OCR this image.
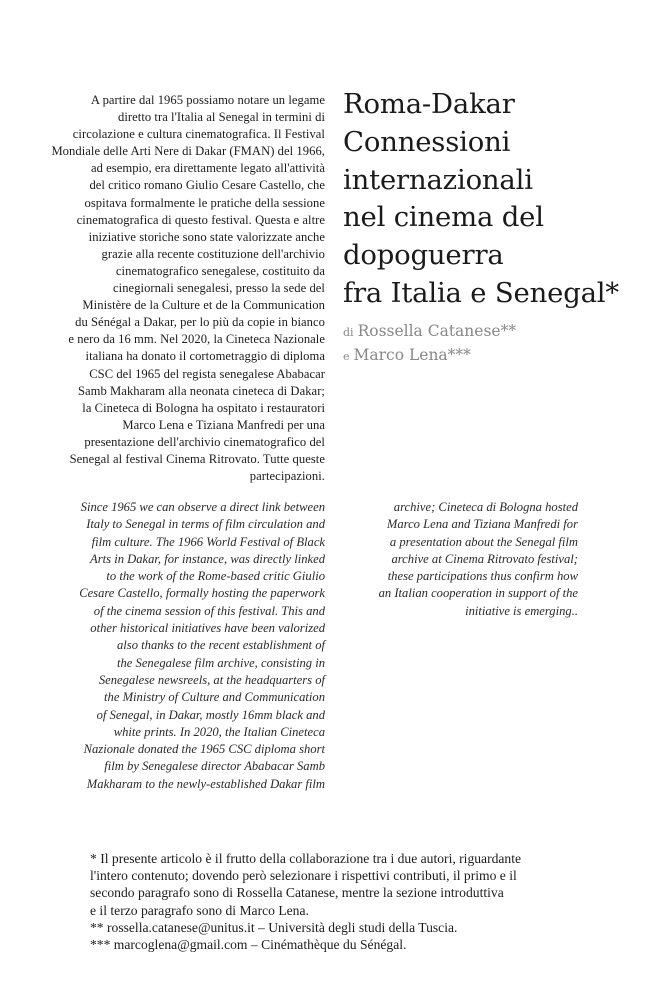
A partire dal 1965 possiamo notare un legame
diretto tra l'Italia al Senegal in termini di
circolazione e cultura cinematografica. Il Festival
Mondiale delle Arti Nere di Dakar (FMAN) del 1966,
ad esempio, era direttamente legato all'attività
del critico romano Giulio Cesare Castello, che
ospitava formalmente le pratiche della sessione
cinematografica di questo festival. Questa e altre
iniziative storiche sono state valorizzate anche
grazie alla recente costituzione dell'archivio
cinematografico senegalese, costituito da
cinegiornali senegalesi, presso la sede del
Ministère de la Culture et de la Communication
du Sénégal a Dakar, per lo più da copie in bianco
e nero da 16 mm. Nel 2020, la Cineteca Nazionale
italiana ha donato il cortometraggio di diploma
CSC del 1965 del regista senegalese Ababacar
Samb Makharam alla neonata cineteca di Dakar;
la Cineteca di Bologna ha ospitato i restauratori
Marco Lena e Tiziana Manfredi per una
presentazione dell'archivio cinematografico del
Senegal al festival Cinema Ritrovato. Tutte queste
partecipazioni.
Roma-Dakar
Connessioni
internazionali
nel cinema del
dopoguerra
fra Italia e Senegal*
di Rossella Catanese**
e Marco Lena***
Since 1965 we can observe a direct link between
Italy to Senegal in terms of film circulation and
film culture. The 1966 World Festival of Black
Arts in Dakar, for instance, was directly linked
to the work of the Rome-based critic Giulio
Cesare Castello, formally hosting the paperwork
of the cinema session of this festival. This and
other historical initiatives have been valorized
also thanks to the recent establishment of
the Senegalese film archive, consisting in
Senegalese newsreels, at the headquarters of
the Ministry of Culture and Communication
of Senegal, in Dakar, mostly 16mm black and
white prints. In 2020, the Italian Cineteca
Nazionale donated the 1965 CSC diploma short
film by Senegalese director Ababacar Samb
Makharam to the newly-established Dakar film
archive; Cineteca di Bologna hosted
Marco Lena and Tiziana Manfredi for
a presentation about the Senegal film
archive at Cinema Ritrovato festival;
these participations thus confirm how
an Italian cooperation in support of the
initiative is emerging..
* Il presente articolo è il frutto della collaborazione tra i due autori, riguardante
l'intero contenuto; dovendo però selezionare i rispettivi contributi, il primo e il
secondo paragrafo sono di Rossella Catanese, mentre la sezione introduttiva
e il terzo paragrafo sono di Marco Lena.
** rossella.catanese@unitus.it – Università degli studi della Tuscia.
*** marcoglena@gmail.com – Cinémathèque du Sénégal.
